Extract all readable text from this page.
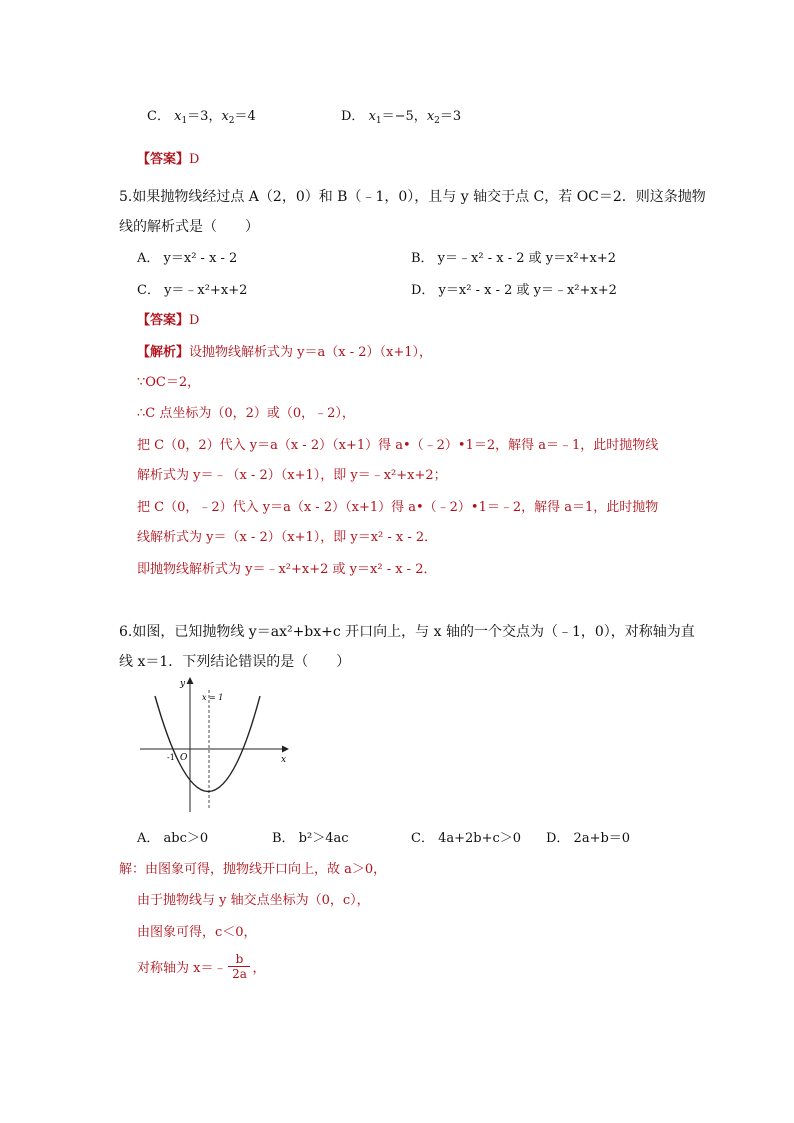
C． $x_1=3$，$x_2=4$	D． $x_1=-5$，$x_2=3$
【答案】D
5.如果抛物线经过点 A（2，0）和 B（﹣1，0），且与 y 轴交于点 C，若 OC＝2．则这条抛物
线的解析式是（　　）
A． y＝x² - x - 2	B． y＝﹣x² - x - 2 或 y＝x²+x+2
C． y＝﹣x²+x+2	D． y＝x² - x - 2 或 y＝﹣x²+x+2
【答案】D
【解析】设抛物线解析式为 y＝a（x - 2）（x+1），
∵OC＝2，
∴C 点坐标为（0，2）或（0，﹣2），
把 C（0，2）代入 y＝a（x - 2）（x+1）得 a•（﹣2）•1＝2，解得 a＝﹣1，此时抛物线
解析式为 y＝﹣（x - 2）（x+1），即 y＝﹣x²+x+2；
把 C（0，﹣2）代入 y＝a（x - 2）（x+1）得 a•（﹣2）•1＝﹣2，解得 a＝1，此时抛物
线解析式为 y＝（x - 2）（x+1），即 y＝x² - x - 2．
即抛物线解析式为 y＝﹣x²+x+2 或 y＝x² - x - 2．
6.如图，已知抛物线 y＝ax²+bx+c 开口向上，与 x 轴的一个交点为（﹣1，0），对称轴为直
线 x＝1．下列结论错误的是（　　）
y
x
x = 1
O
-1
A． abc＞0	B． b²＞4ac	C． 4a+2b+c＞0 D． 2a+b＝0
解：由图象可得，抛物线开口向上，故 a＞0，
由于抛物线与 y 轴交点坐标为（0，c），
由图象可得，c＜0，
对称轴为 x＝﹣
b
2a ，
